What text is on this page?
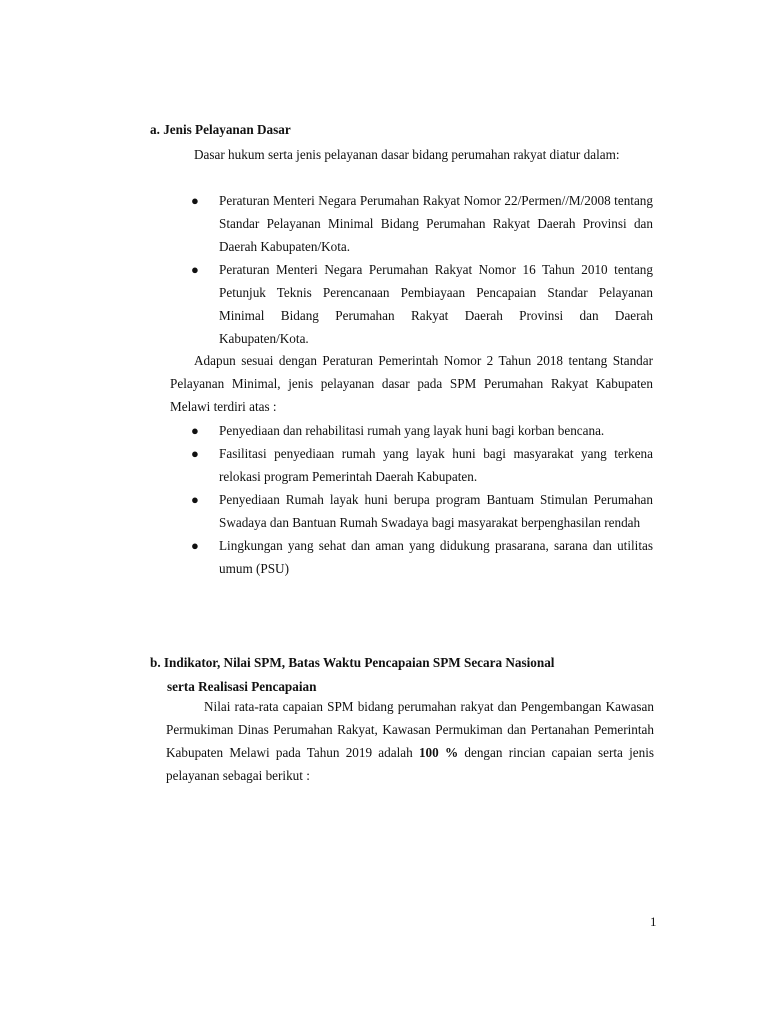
a. Jenis Pelayanan Dasar
Dasar hukum serta jenis pelayanan dasar bidang perumahan rakyat diatur dalam:
● Peraturan Menteri Negara Perumahan Rakyat Nomor 22/Permen//M/2008 tentang Standar Pelayanan Minimal Bidang Perumahan Rakyat Daerah Provinsi dan Daerah Kabupaten/Kota.
● Peraturan Menteri Negara Perumahan Rakyat Nomor 16 Tahun 2010 tentang Petunjuk Teknis Perencanaan Pembiayaan Pencapaian Standar Pelayanan Minimal Bidang Perumahan Rakyat Daerah Provinsi dan Daerah Kabupaten/Kota.
Adapun sesuai dengan Peraturan Pemerintah Nomor 2 Tahun 2018 tentang Standar Pelayanan Minimal, jenis pelayanan dasar pada SPM Perumahan Rakyat Kabupaten Melawi terdiri atas :
● Penyediaan dan rehabilitasi rumah yang layak huni bagi korban bencana.
● Fasilitasi penyediaan rumah yang layak huni bagi masyarakat yang terkena relokasi program Pemerintah Daerah Kabupaten.
● Penyediaan Rumah layak huni berupa program Bantuam Stimulan Perumahan Swadaya dan Bantuan Rumah Swadaya bagi masyarakat berpenghasilan rendah
● Lingkungan yang sehat dan aman yang didukung prasarana, sarana dan utilitas umum (PSU)
b. Indikator, Nilai SPM, Batas Waktu Pencapaian SPM Secara Nasional
serta Realisasi Pencapaian
Nilai rata-rata capaian SPM bidang perumahan rakyat dan Pengembangan Kawasan Permukiman Dinas Perumahan Rakyat, Kawasan Permukiman dan Pertanahan Pemerintah Kabupaten Melawi pada Tahun 2019 adalah 100 % dengan rincian capaian serta jenis pelayanan sebagai berikut :
1
